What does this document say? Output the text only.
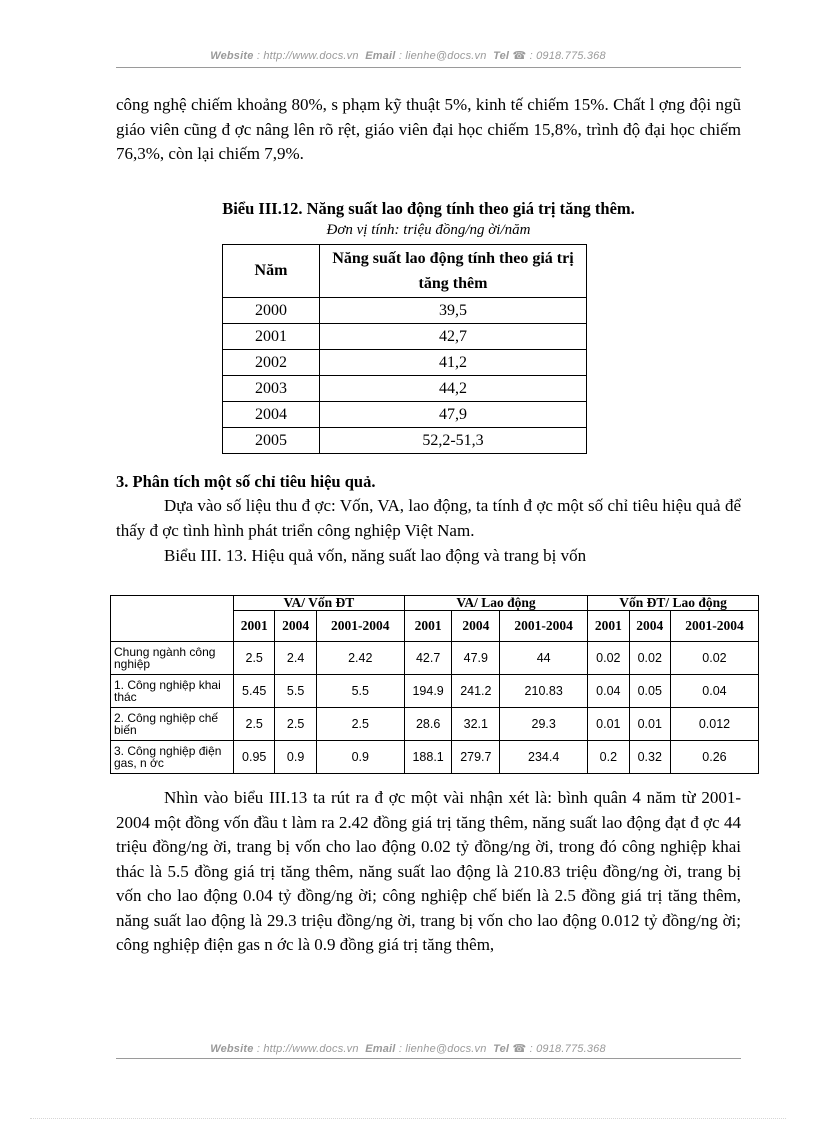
Website : http://www.docs.vn Email : lienhe@docs.vn Tel ☎ : 0918.775.368
công nghệ chiếm khoảng 80%, s phạm kỹ thuật 5%, kinh tế chiếm 15%. Chất l ợng đội ngũ giáo viên cũng đ ợc nâng lên rõ rệt, giáo viên đại học chiếm 15,8%, trình độ đại học chiếm 76,3%, còn lại chiếm 7,9%.
Biểu III.12. Năng suất lao động tính theo giá trị tăng thêm.
Đơn vị tính: triệu đồng/ng ời/năm
Năm	Năng suất lao động tính theo giá trị tăng thêm
2000	39,5
2001	42,7
2002	41,2
2003	44,2
2004	47,9
2005	52,2-51,3
3. Phân tích một số chỉ tiêu hiệu quả.
Dựa vào số liệu thu đ ợc: Vốn, VA, lao động, ta tính đ ợc một số chỉ tiêu hiệu quả để thấy đ ợc tình hình phát triển công nghiệp Việt Nam.
Biểu III. 13. Hiệu quả vốn, năng suất lao động và trang bị vốn
	VA/ Vốn ĐT			VA/ Lao động			Vốn ĐT/ Lao động		
	2001	2004	2001-2004	2001	2004	2001-2004	2001	2004	2001-2004
Chung ngành công nghiệp	2.5	2.4	2.42	42.7	47.9	44	0.02	0.02	0.02
1. Công nghiệp khai thác	5.45	5.5	5.5	194.9	241.2	210.83	0.04	0.05	0.04
2. Công nghiệp chế biến	2.5	2.5	2.5	28.6	32.1	29.3	0.01	0.01	0.012
3. Công nghiệp điện gas, n ớc	0.95	0.9	0.9	188.1	279.7	234.4	0.2	0.32	0.26
Nhìn vào biểu III.13 ta rút ra đ ợc một vài nhận xét là: bình quân 4 năm từ 2001-2004 một đồng vốn đầu t làm ra 2.42 đồng giá trị tăng thêm, năng suất lao động đạt đ ợc 44 triệu đồng/ng ời, trang bị vốn cho lao động 0.02 tỷ đồng/ng ời, trong đó công nghiệp khai thác là 5.5 đồng giá trị tăng thêm, năng suất lao động là 210.83 triệu đồng/ng ời, trang bị vốn cho lao động 0.04 tỷ đồng/ng ời; công nghiệp chế biến là 2.5 đồng giá trị tăng thêm, năng suất lao động là 29.3 triệu đồng/ng ời, trang bị vốn cho lao động 0.012 tỷ đồng/ng ời; công nghiệp điện gas n ớc là 0.9 đồng giá trị tăng thêm,
Website : http://www.docs.vn Email : lienhe@docs.vn Tel ☎ : 0918.775.368
